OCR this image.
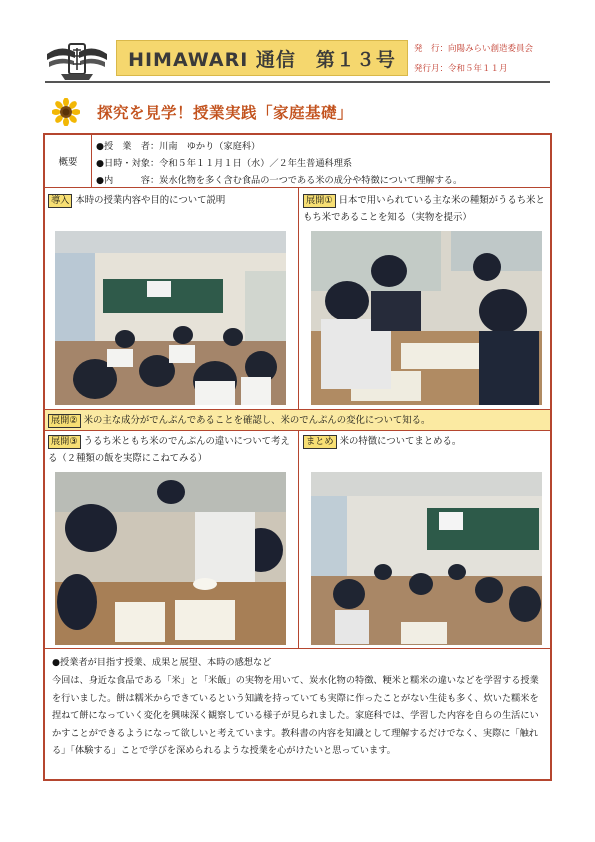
HIMAWARI 通信　第１３号 発　行：向陽みらい創造委員会
発行月：令和５年１１月
探究を見学！授業実践「家庭基礎」
概要
●授　業　者：川南　ゆかり（家庭科）
●日時・対象：令和５年１１月１日（水）／２年生普通科理系
●内　　　容：炭水化物を多く含む食品の一つである米の成分や特徴について理解する。
導入 本時の授業内容や目的について説明	展開① 日本で用いられている主な米の種類がうるち米ともち米であることを知る（実物を提示）
展開② 米の主な成分がでんぷんであることを確認し、米のでんぷんの変化について知る。
展開③ うるち米ともち米のでんぷんの違いについて考える（２種類の飯を実際にこねてみる）
まとめ 米の特徴についてまとめる。
●授業者が目指す授業、成果と展望、本時の感想など
今回は、身近な食品である「米」と「米飯」の実物を用いて、炭水化物の特徴、粳米と糯米の違いなどを学習する授業を行いました。餅は糯米からできているという知識を持っていても実際に作ったことがない生徒も多く、炊いた糯米を捏ねて餅になっていく変化を興味深く観察している様子が見られました。家庭科では、学習した内容を自らの生活にいかすことができるようになって欲しいと考えています。教科書の内容を知識として理解するだけでなく、実際に「触れる」「体験する」ことで学びを深められるような授業を心がけたいと思っています。
